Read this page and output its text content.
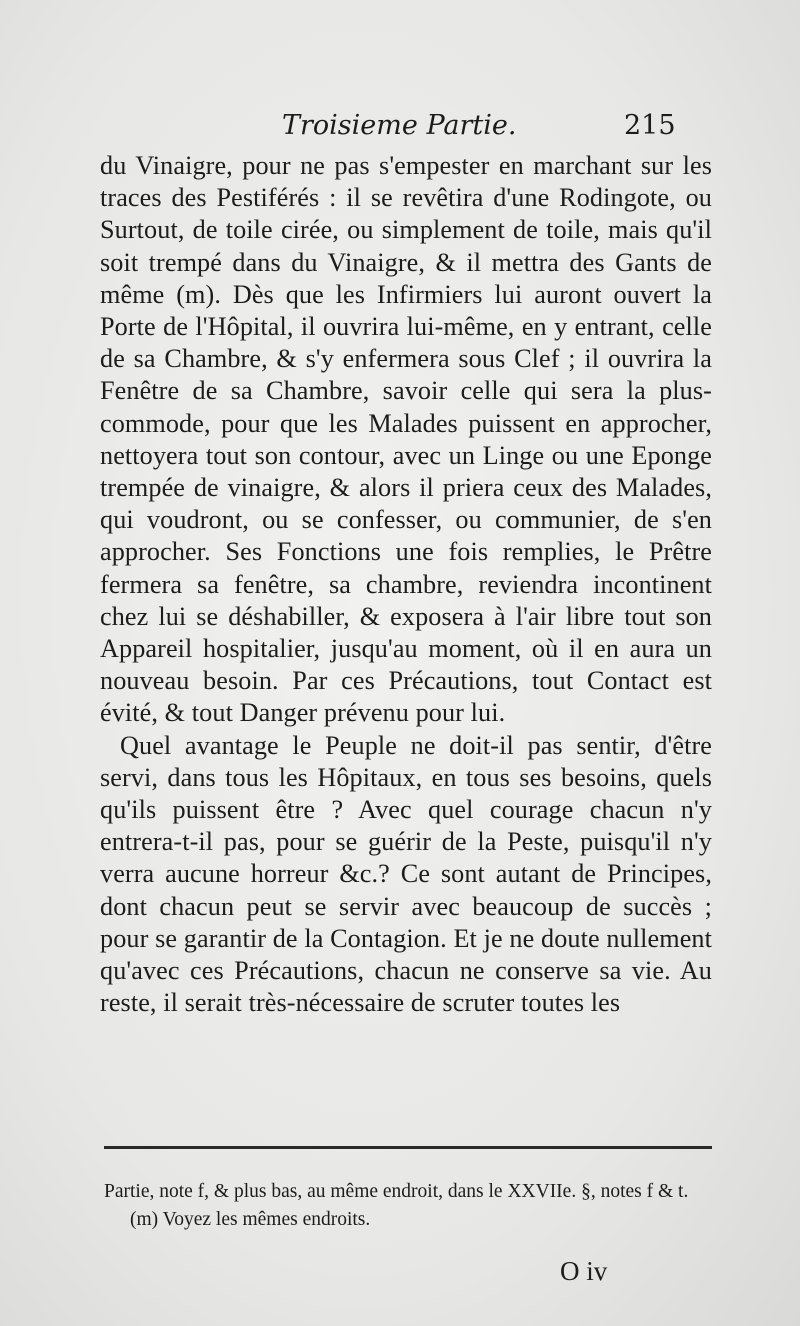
Troisieme Partie.	215

du Vinaigre, pour ne pas s'empester en marchant sur les traces des Pestiférés : il se revêtira d'une Rodingote, ou Surtout, de toile cirée, ou simplement de toile, mais qu'il soit trempé dans du Vinaigre, & il mettra des Gants de même (m). Dès que les Infirmiers lui auront ouvert la Porte de l'Hôpital, il ouvrira lui-même, en y entrant, celle de sa Chambre, & s'y enfermera sous Clef ; il ouvrira la Fenêtre de sa Chambre, savoir celle qui sera la plus-commode, pour que les Malades puissent en approcher, nettoyera tout son contour, avec un Linge ou une Eponge trempée de vinaigre, & alors il priera ceux des Malades, qui voudront, ou se confesser, ou communier, de s'en approcher. Ses Fonctions une fois remplies, le Prêtre fermera sa fenêtre, sa chambre, reviendra incontinent chez lui se déshabiller, & exposera à l'air libre tout son Appareil hospitalier, jusqu'au moment, où il en aura un nouveau besoin. Par ces Précautions, tout Contact est évité, & tout Danger prévenu pour lui.

Quel avantage le Peuple ne doit-il pas sentir, d'être servi, dans tous les Hôpitaux, en tous ses besoins, quels qu'ils puissent être ? Avec quel courage chacun n'y entrera-t-il pas, pour se guérir de la Peste, puisqu'il n'y verra aucune horreur &c.? Ce sont autant de Principes, dont chacun peut se servir avec beaucoup de succès ; pour se garantir de la Contagion. Et je ne doute nullement qu'avec ces Précautions, chacun ne conserve sa vie. Au reste, il serait très-nécessaire de scruter toutes les

Partie, note f, & plus bas, au même endroit, dans le XXVIIe. §, notes f & t.

(m) Voyez les mêmes endroits.

O iv
